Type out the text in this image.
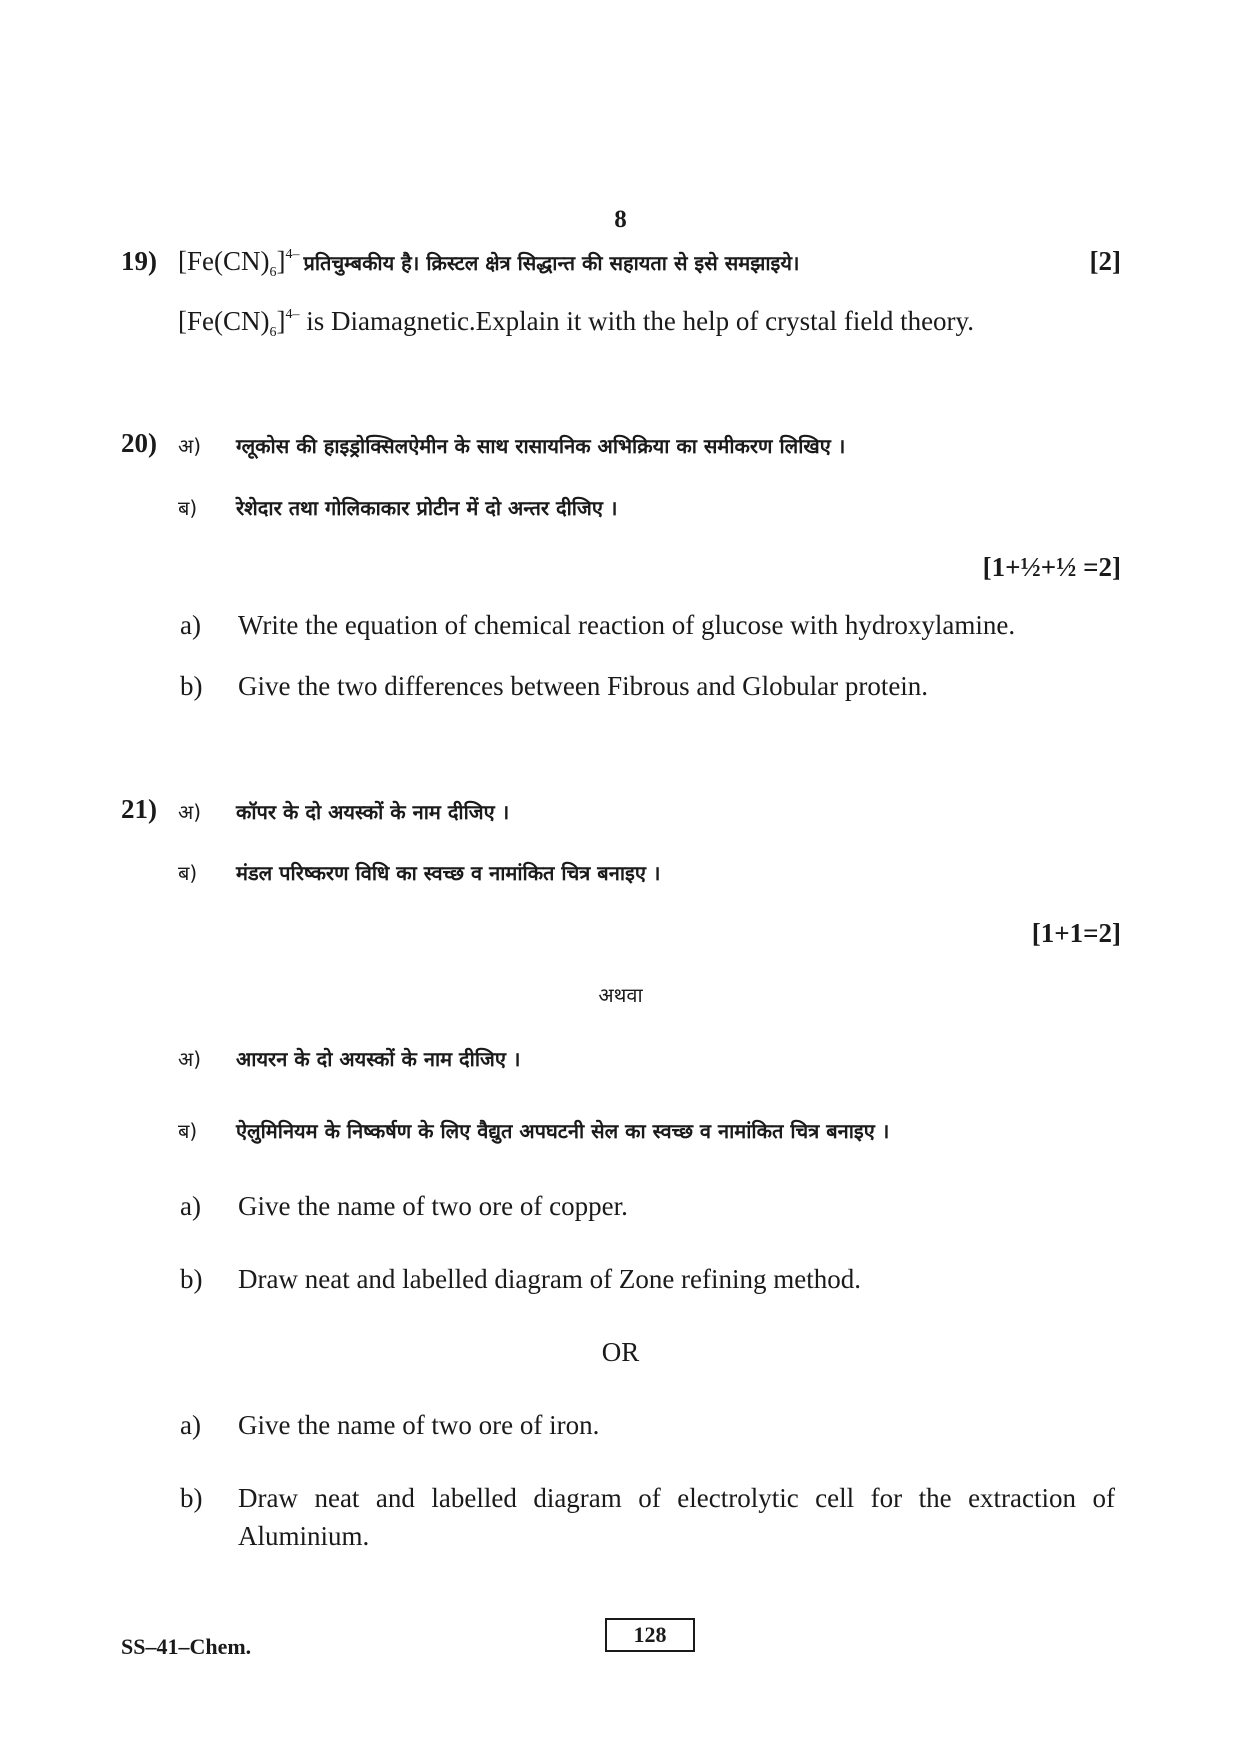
8
19) $[Fe(CN)_6]^{4-}$ प्रतिचुम्बकीय है। क्रिस्टल क्षेत्र सिद्धान्त की सहायता से इसे समझाइये।	[2]
$[Fe(CN)_6]^{4-}$ is Diamagnetic.Explain it with the help of crystal field theory.
20) अ) ग्लूकोस की हाइड्रोक्सिलऐमीन के साथ रासायनिक अभिक्रिया का समीकरण लिखिए ।
ब) रेशेदार तथा गोलिकाकार प्रोटीन में दो अन्तर दीजिए ।
[1+½+½ =2]
a) Write the equation of chemical reaction of glucose with hydroxylamine.
b) Give the two differences between Fibrous and Globular protein.
21) अ) कॉपर के दो अयस्कों के नाम दीजिए ।
ब) मंडल परिष्करण विधि का स्वच्छ व नामांकित चित्र बनाइए ।
[1+1=2]
अथवा
अ) आयरन के दो अयस्कों के नाम दीजिए ।
ब) ऐलुमिनियम के निष्कर्षण के लिए वैद्युत अपघटनी सेल का स्वच्छ व नामांकित चित्र बनाइए ।
a) Give the name of two ore of copper.
b) Draw neat and labelled diagram of Zone refining method.
OR
a) Give the name of two ore of iron.
b) Draw neat and labelled diagram of electrolytic cell for the extraction of
Aluminium.
SS–41–Chem.	128
